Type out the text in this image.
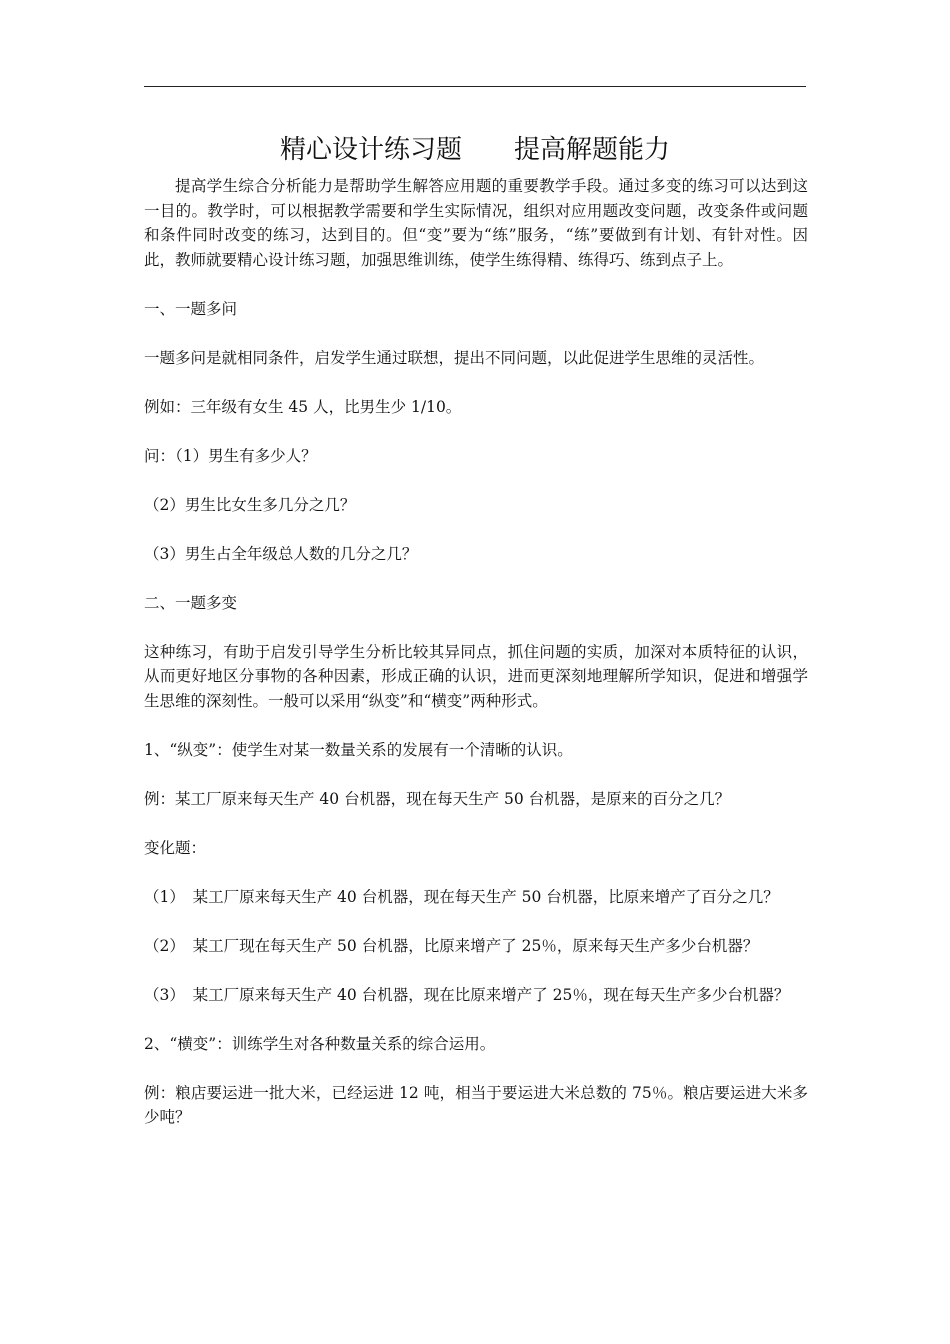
精心设计练习题　　提高解题能力

提高学生综合分析能力是帮助学生解答应用题的重要教学手段。通过多变的练习可以达到这一目的。教学时，可以根据教学需要和学生实际情况，组织对应用题改变问题，改变条件或问题和条件同时改变的练习，达到目的。但“变”要为“练”服务，“练”要做到有计划、有针对性。因此，教师就要精心设计练习题，加强思维训练，使学生练得精、练得巧、练到点子上。

一、一题多问

一题多问是就相同条件，启发学生通过联想，提出不同问题，以此促进学生思维的灵活性。

例如：三年级有女生 45 人，比男生少 1/10。

问：（1）男生有多少人？

（2）男生比女生多几分之几？

（3）男生占全年级总人数的几分之几？

二、一题多变

这种练习，有助于启发引导学生分析比较其异同点，抓住问题的实质，加深对本质特征的认识，从而更好地区分事物的各种因素，形成正确的认识，进而更深刻地理解所学知识，促进和增强学生思维的深刻性。一般可以采用“纵变”和“横变”两种形式。

1、“纵变”：使学生对某一数量关系的发展有一个清晰的认识。

例：某工厂原来每天生产 40 台机器，现在每天生产 50 台机器，是原来的百分之几？

变化题：

（1）　某工厂原来每天生产 40 台机器，现在每天生产 50 台机器，比原来增产了百分之几？

（2）　某工厂现在每天生产 50 台机器，比原来增产了 25％，原来每天生产多少台机器？

（3）　某工厂原来每天生产 40 台机器，现在比原来增产了 25％，现在每天生产多少台机器？

2、“横变”：训练学生对各种数量关系的综合运用。

例：粮店要运进一批大米，已经运进 12 吨，相当于要运进大米总数的 75％。粮店要运进大米多少吨？
